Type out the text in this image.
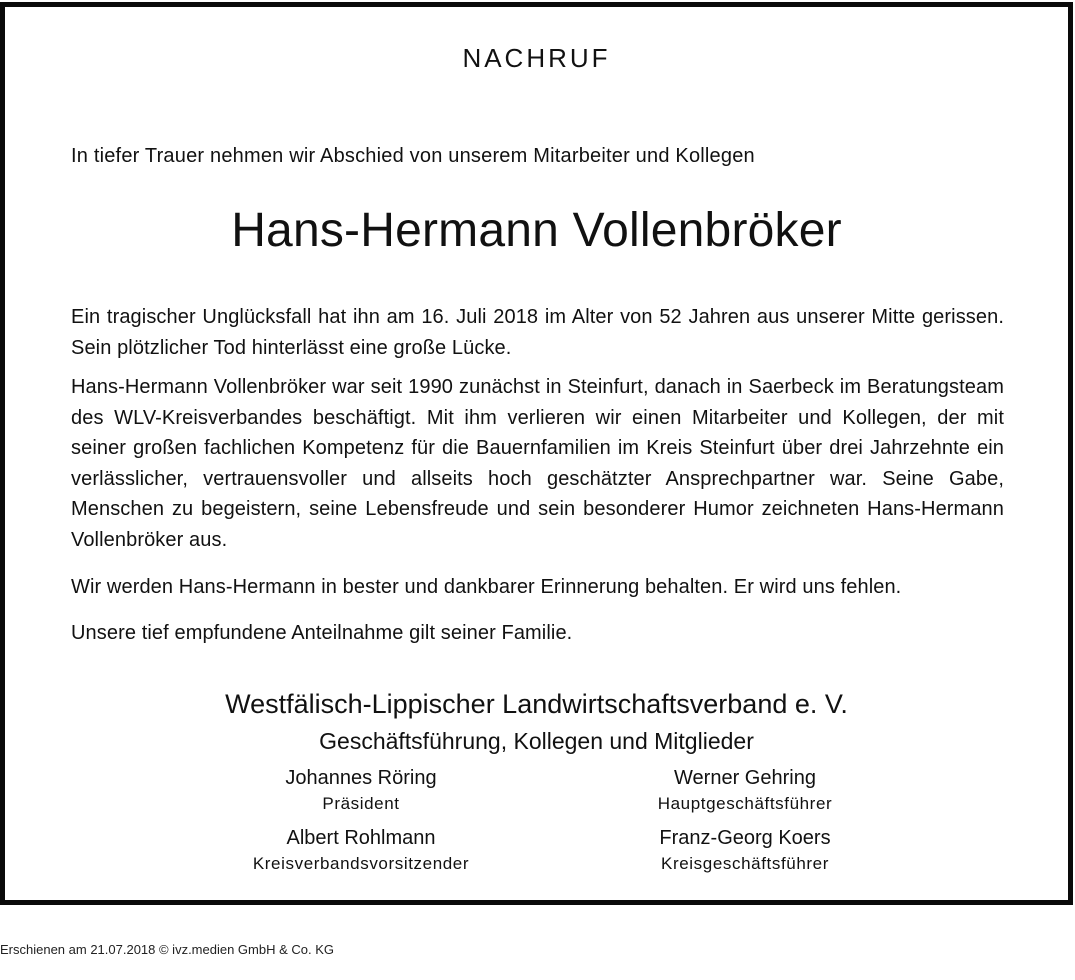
NACHRUF
In tiefer Trauer nehmen wir Abschied von unserem Mitarbeiter und Kollegen
Hans-Hermann Vollenbröker
Ein tragischer Unglücksfall hat ihn am 16. Juli 2018 im Alter von 52 Jahren aus unserer Mitte gerissen. Sein plötzlicher Tod hinterlässt eine große Lücke.
Hans-Hermann Vollenbröker war seit 1990 zunächst in Steinfurt, danach in Saerbeck im Beratungsteam des WLV-Kreisverbandes beschäftigt. Mit ihm verlieren wir einen Mitarbeiter und Kollegen, der mit seiner großen fachlichen Kompetenz für die Bauernfamilien im Kreis Steinfurt über drei Jahrzehnte ein verlässlicher, vertrauensvoller und allseits hoch geschätzter Ansprechpartner war. Seine Gabe, Menschen zu begeistern, seine Lebensfreude und sein besonderer Humor zeichneten Hans-Hermann Vollenbröker aus.
Wir werden Hans-Hermann in bester und dankbarer Erinnerung behalten. Er wird uns fehlen.
Unsere tief empfundene Anteilnahme gilt seiner Familie.
Westfälisch-Lippischer Landwirtschaftsverband e. V.
Geschäftsführung, Kollegen und Mitglieder
Johannes Röring
Präsident
Werner Gehring
Hauptgeschäftsführer
Albert Rohlmann
Kreisverbandsvorsitzender
Franz-Georg Koers
Kreisgeschäftsführer
Erschienen am 21.07.2018 © ivz.medien GmbH & Co. KG
